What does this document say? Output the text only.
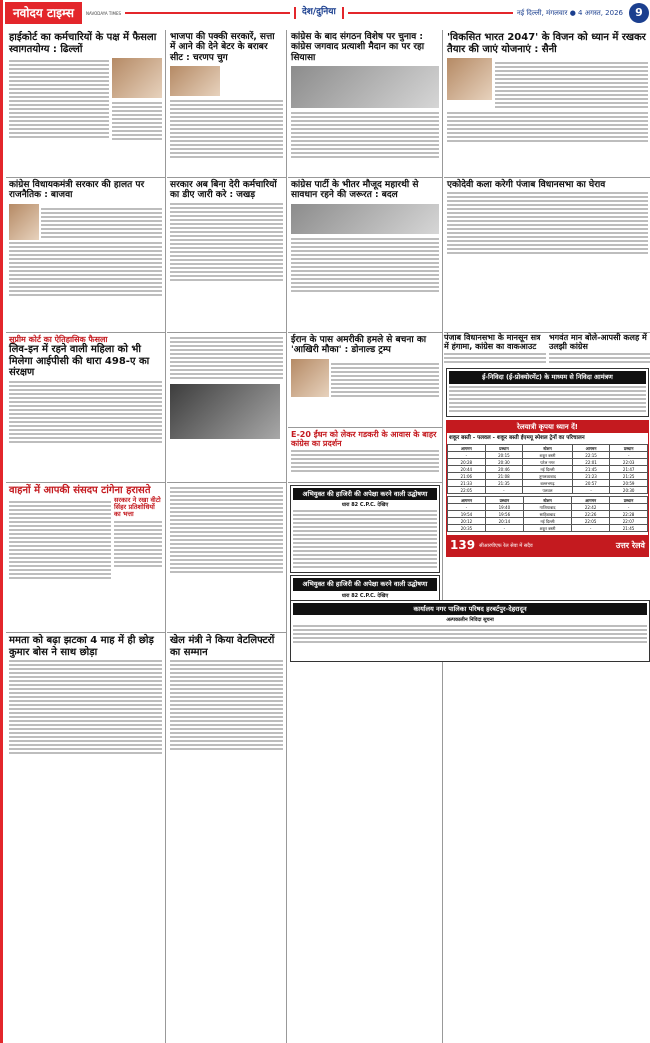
नवोदय टाइम्स	NAVODAYA TIMES	देश/दुनिया	नई दिल्ली, मंगलवार ● 4 अगस्त, 2026	9
हाईकोर्ट का कर्मचारियों के पक्ष में फैसला स्वागतयोग्य : ढिल्लों
कांग्रेस विधायकमंत्री सरकार की हालत पर राजनैतिक : बाजवा
सुप्रीम कोर्ट का ऐतिहासिक फैसला
लिव-इन में रहने वाली महिला को भी मिलेगा आईपीसी की धारा 498-ए का संरक्षण
वाहनों में आपकी संसदप टांगेना हरासते
सरकार ने रखा वीटो सिंहर प्रतिशोधियों का भत्ता
ममता को बढ़ा झटका 4 माह में ही छोड़ कुमार बोस ने साथ छोड़ा
भाजपा की पक्की सरकारें, सत्ता में आने की देने बेटर के बराबर सीट : चरणप चुग
सरकार अब बिना देरी कर्मचारियों का डीए जारी करे : जखड़
खेल मंत्री ने किया वेटलिफ्टरों का सम्मान
कांग्रेस के बाद संगठन विशेष पर चुनाव : कांग्रेस जगवाद प्रत्याशी मैदान का पर रहा सियासा
कांग्रेस पार्टी के भीतर मौजूद महारथी से सावधान रहने की जरूरत : बदल
ईरान के पास अमरीकी हमले से बचना का 'आखिरी मौका' : डोनाल्ड ट्रम्प
E-20 ईंधन को लेकर गडकरी के आवास के बाहर कांग्रेस का प्रदर्शन
अभियुक्त की हाजिरी की अपेक्षा करने वाली उद्घोषणा
धारा 82 C.P.C. देखिए
अभियुक्त की हाजिरी की अपेक्षा करने वाली उद्घोषणा
धारा 82 C.P.C. देखिए
'विकसित भारत 2047' के विजन को ध्यान में रखकर तैयार की जाएं योजनाएं : सैनी
एकोदेवी कला करेगी पंजाब विधानसभा का घेराव
पंजाब विधानसभा के मानसून सत्र में हंगामा, कांग्रेस का वाकआउट
भगवंत मान बोले-आपसी कलह में उलझी कांग्रेस
ई-निविदा (ई-प्रोक्योरमेंट) के माध्यम से निविदा आमंत्रण
रेलयात्री कृपया ध्यान दें!
शकूर बस्ती - पलवल - शकूर बस्ती ईएमयू स्पेशल ट्रेनों का परिचालन
आगमन	प्रस्थान	स्टेशन	आगमन	प्रस्थान
-	20:15	शकूर बस्ती	22:15	-
20:28	20:30	पटेल नगर	22:01	22:03
20:44	20:46	नई दिल्ली	21:45	21:47
21:06	21:08	तुगलकाबाद	21:23	21:25
21:33	21:35	बल्लभगढ़	20:57	20:59
22:05	-	पलवल	-	20:30
आगमन	प्रस्थान	स्टेशन	आगमन	प्रस्थान
-	19:40	गाजियाबाद	22:42	-
19:54	19:56	साहिबाबाद	22:26	22:28
20:12	20:14	नई दिल्ली	22:05	22:07
20:35	-	शकूर बस्ती	-	21:45
139 सीआरपीएफ रेल सेवा में सदैव	उत्तर रेलवे
कार्यालय नगर पालिका परिषद हरबर्टपुर-देहरादून
अल्पकालीन निविदा सूचना
